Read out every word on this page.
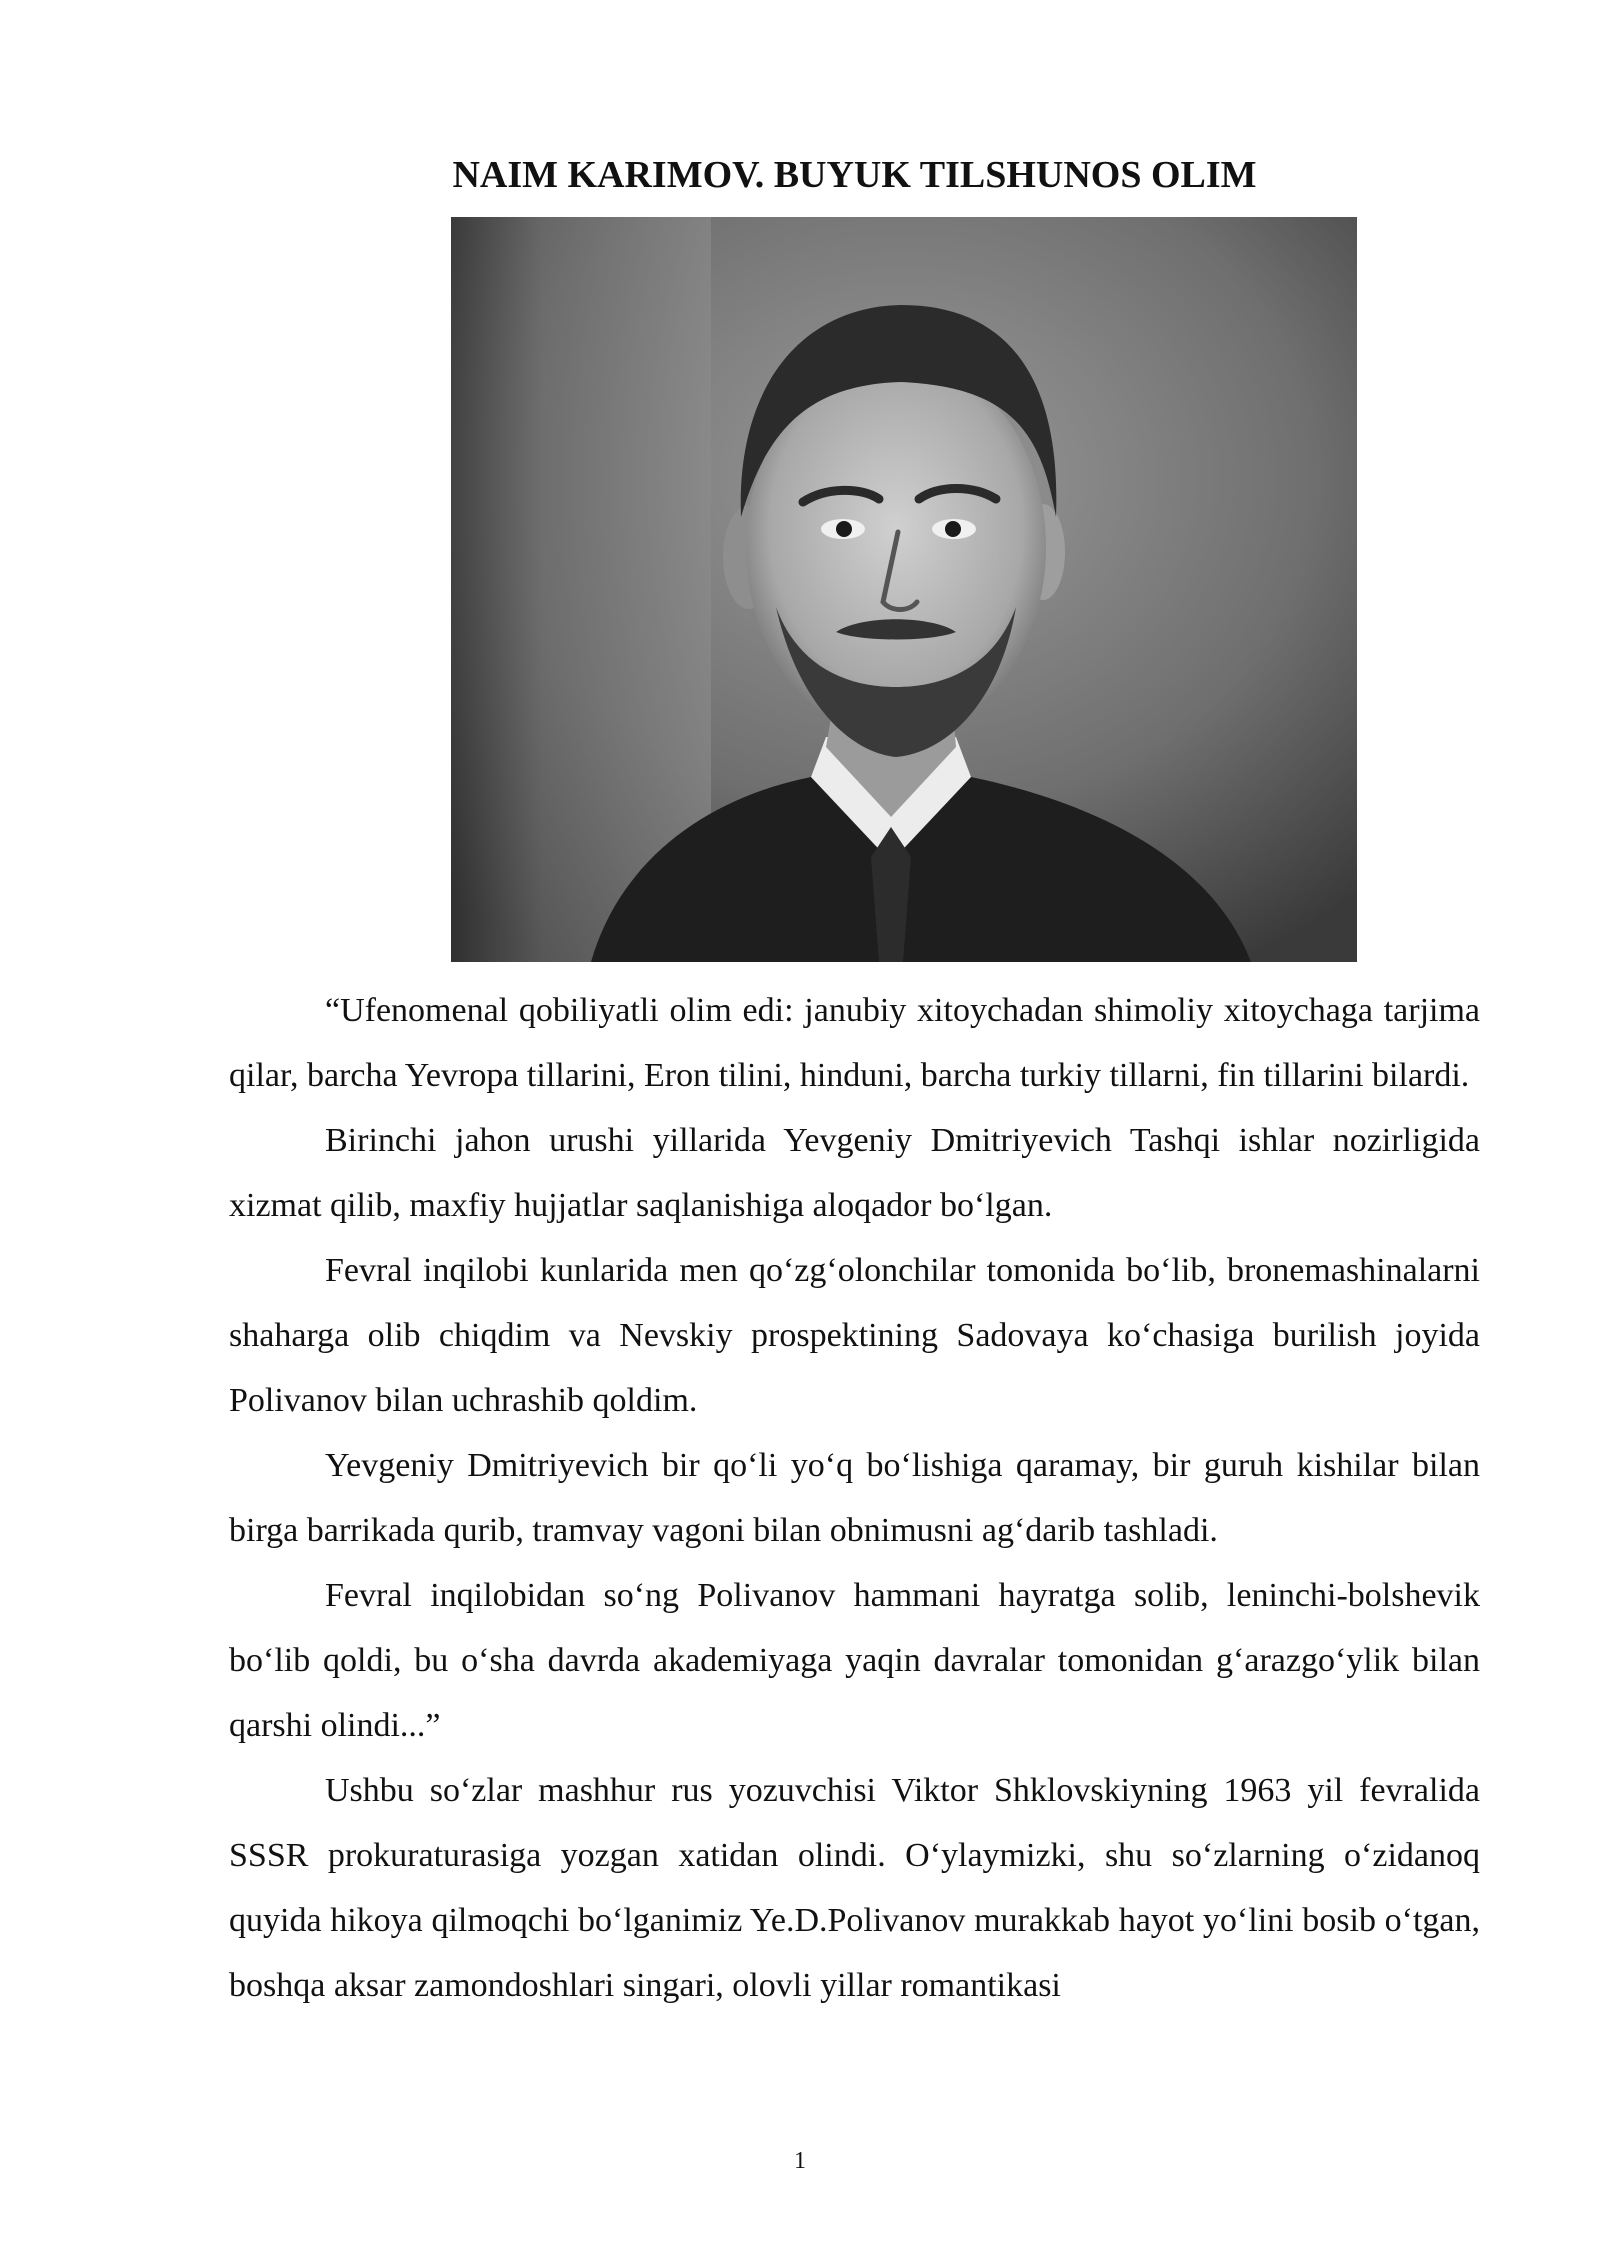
NAIM KARIMOV. BUYUK TILSHUNOS OLIM

“Ufenomenal qobiliyatli olim edi: janubiy xitoychadan shimoliy xitoychaga tarjima qilar, barcha Yevropa tillarini, Eron tilini, hinduni, barcha turkiy tillarni, fin tillarini bilardi.

Birinchi jahon urushi yillarida Yevgeniy Dmitriyevich Tashqi ishlar nozirligida xizmat qilib, maxfiy hujjatlar saqlanishiga aloqador boʻlgan.

Fevral inqilobi kunlarida men qoʻzgʻolonchilar tomonida boʻlib, bronemashinalarni shaharga olib chiqdim va Nevskiy prospektining Sadovaya koʻchasiga burilish joyida Polivanov bilan uchrashib qoldim.

Yevgeniy Dmitriyevich bir qoʻli yoʻq boʻlishiga qaramay, bir guruh kishilar bilan birga barrikada qurib, tramvay vagoni bilan obnimusni agʻdarib tashladi.

Fevral inqilobidan soʻng Polivanov hammani hayratga solib, leninchi-bolshevik boʻlib qoldi, bu oʻsha davrda akademiyaga yaqin davralar tomonidan gʻarazgoʻylik bilan qarshi olindi...”

Ushbu soʻzlar mashhur rus yozuvchisi Viktor Shklovskiyning 1963 yil fevralida SSSR prokuraturasiga yozgan xatidan olindi. Oʻylaymizki, shu soʻzlarning oʻzidanoq quyida hikoya qilmoqchi boʻlganimiz Ye.D.Polivanov murakkab hayot yoʻlini bosib oʻtgan, boshqa aksar zamondoshlari singari, olovli yillar romantikasi

1
